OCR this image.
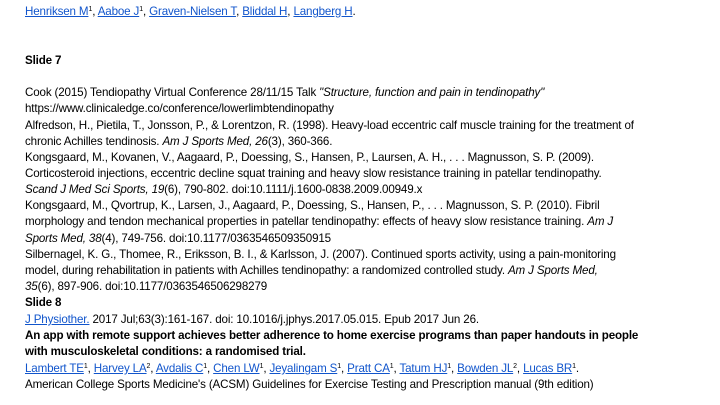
Henriksen $M^1$, Aaboe $J^1$, Graven-Nielsen T, Bliddal H, Langberg H.
Slide 7
Cook (2015) Tendiopathy Virtual Conference 28/11/15 Talk "Structure, function and pain in tendinopathy"
https://www.clinicaledge.co/conference/lowerlimbtendinopathy
Alfredson, H., Pietila, T., Jonsson, P., & Lorentzon, R. (1998). Heavy-load eccentric calf muscle training for the treatment of
chronic Achilles tendinosis. Am J Sports Med, 26(3), 360-366.
Kongsgaard, M., Kovanen, V., Aagaard, P., Doessing, S., Hansen, P., Laursen, A. H., . . . Magnusson, S. P. (2009).
Corticosteroid injections, eccentric decline squat training and heavy slow resistance training in patellar tendinopathy.
Scand J Med Sci Sports, 19(6), 790-802. doi:10.1111/j.1600-0838.2009.00949.x
Kongsgaard, M., Qvortrup, K., Larsen, J., Aagaard, P., Doessing, S., Hansen, P., . . . Magnusson, S. P. (2010). Fibril
morphology and tendon mechanical properties in patellar tendinopathy: effects of heavy slow resistance training. Am J
Sports Med, 38(4), 749-756. doi:10.1177/0363546509350915
Silbernagel, K. G., Thomee, R., Eriksson, B. I., & Karlsson, J. (2007). Continued sports activity, using a pain-monitoring
model, during rehabilitation in patients with Achilles tendinopathy: a randomized controlled study. Am J Sports Med,
35(6), 897-906. doi:10.1177/0363546506298279
Slide 8
J Physiother. 2017 Jul;63(3):161-167. doi: 10.1016/j.jphys.2017.05.015. Epub 2017 Jun 26.
An app with remote support achieves better adherence to home exercise programs than paper handouts in people
with musculoskeletal conditions: a randomised trial.
Lambert $TE^1$, Harvey $LA^2$, Avdalis $C^1$, Chen $LW^1$, Jeyalingam $S^1$, Pratt $CA^1$, Tatum $HJ^1$, Bowden $JL^2$, Lucas $BR^1$.
American College Sports Medicine's (ACSM) Guidelines for Exercise Testing and Prescription manual (9th edition)
